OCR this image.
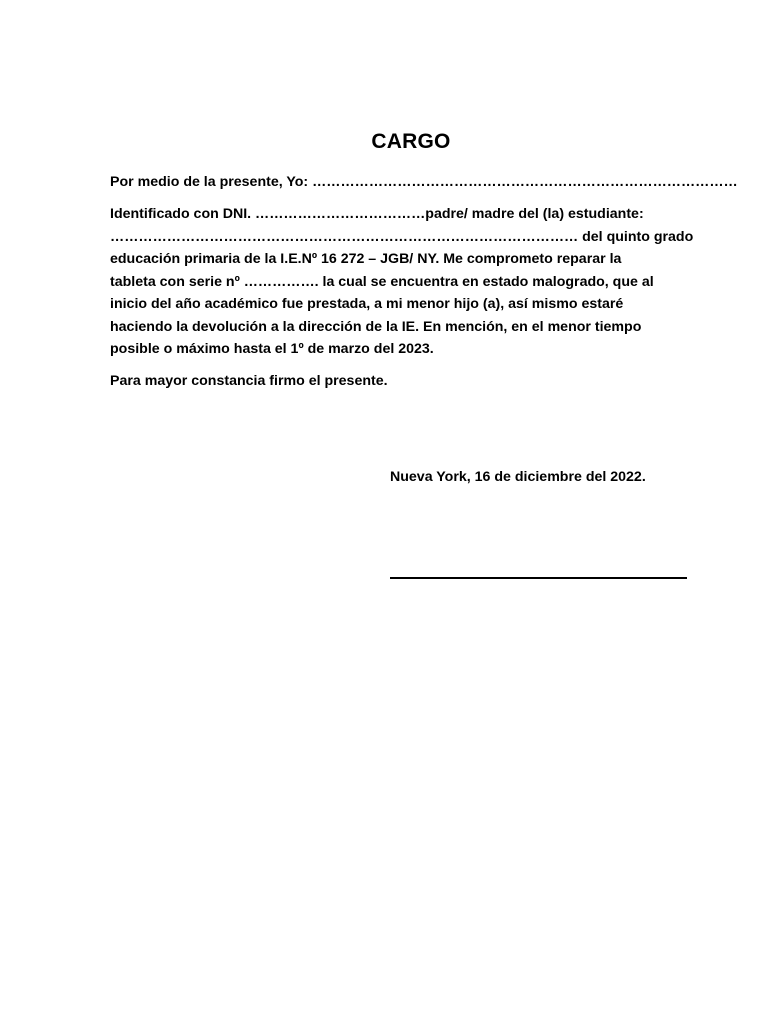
CARGO
Por medio de la presente, Yo: ………………………………………………………………………………
Identificado con DNI. ………………………………padre/ madre del (la) estudiante:
……………………………………………………………………………………… del quinto grado
educación primaria de la I.E.Nº 16 272 – JGB/ NY. Me comprometo reparar la
tableta con serie nº ……………. la cual se encuentra en estado malogrado, que al
inicio del año académico fue prestada, a mi menor hijo (a), así mismo estaré
haciendo la devolución a la dirección de la IE. En mención, en el menor tiempo
posible o máximo hasta el 1º de marzo del 2023.
Para mayor constancia firmo el presente.
Nueva York, 16 de diciembre del 2022.
